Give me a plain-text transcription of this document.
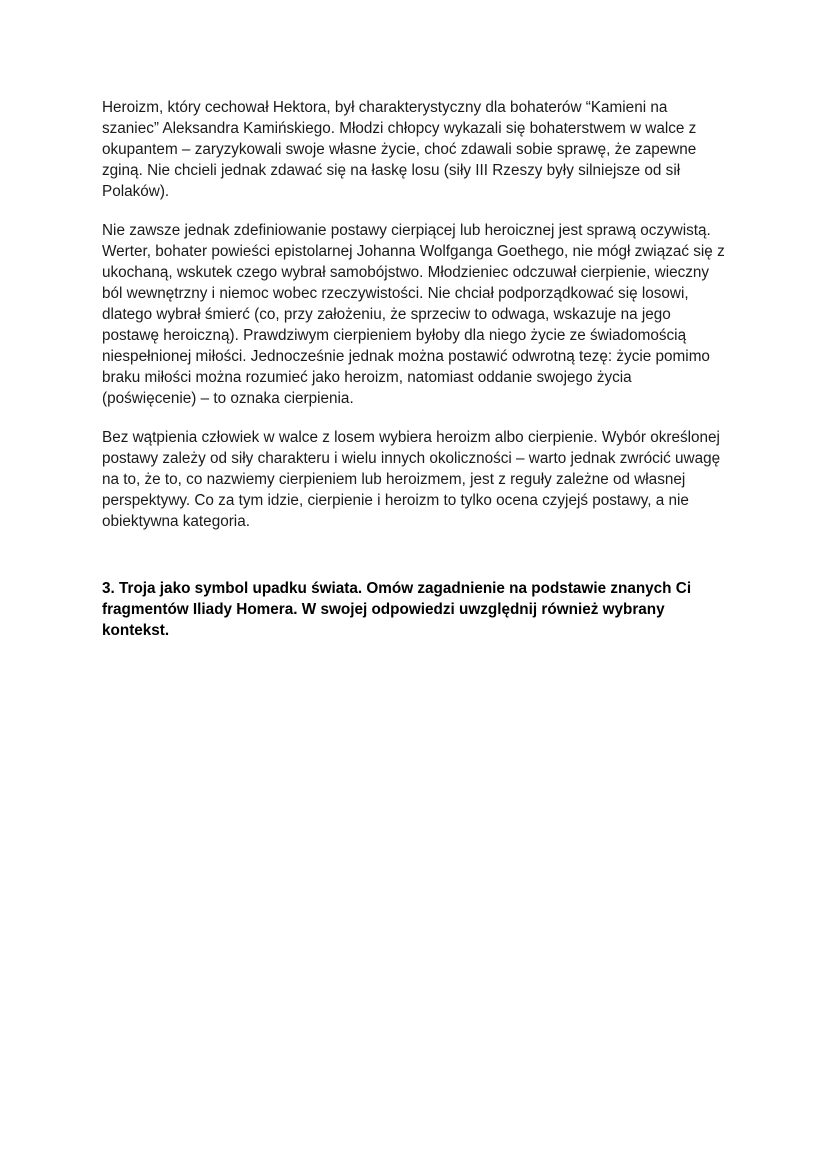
Heroizm, który cechował Hektora, był charakterystyczny dla bohaterów “Kamieni na szaniec” Aleksandra Kamińskiego. Młodzi chłopcy wykazali się bohaterstwem w walce z okupantem – zaryzykowali swoje własne życie, choć zdawali sobie sprawę, że zapewne zginą. Nie chcieli jednak zdawać się na łaskę losu (siły III Rzeszy były silniejsze od sił Polaków).

Nie zawsze jednak zdefiniowanie postawy cierpiącej lub heroicznej jest sprawą oczywistą. Werter, bohater powieści epistolarnej Johanna Wolfganga Goethego, nie mógł związać się z ukochaną, wskutek czego wybrał samobójstwo. Młodzieniec odczuwał cierpienie, wieczny ból wewnętrzny i niemoc wobec rzeczywistości. Nie chciał podporządkować się losowi, dlatego wybrał śmierć (co, przy założeniu, że sprzeciw to odwaga, wskazuje na jego postawę heroiczną). Prawdziwym cierpieniem byłoby dla niego życie ze świadomością niespełnionej miłości. Jednocześnie jednak można postawić odwrotną tezę: życie pomimo braku miłości można rozumieć jako heroizm, natomiast oddanie swojego życia (poświęcenie) – to oznaka cierpienia.

Bez wątpienia człowiek w walce z losem wybiera heroizm albo cierpienie. Wybór określonej postawy zależy od siły charakteru i wielu innych okoliczności – warto jednak zwrócić uwagę na to, że to, co nazwiemy cierpieniem lub heroizmem, jest z reguły zależne od własnej perspektywy. Co za tym idzie, cierpienie i heroizm to tylko ocena czyjejś postawy, a nie obiektywna kategoria.

3. Troja jako symbol upadku świata. Omów zagadnienie na podstawie znanych Ci fragmentów Iliady Homera. W swojej odpowiedzi uwzględnij również wybrany kontekst.
